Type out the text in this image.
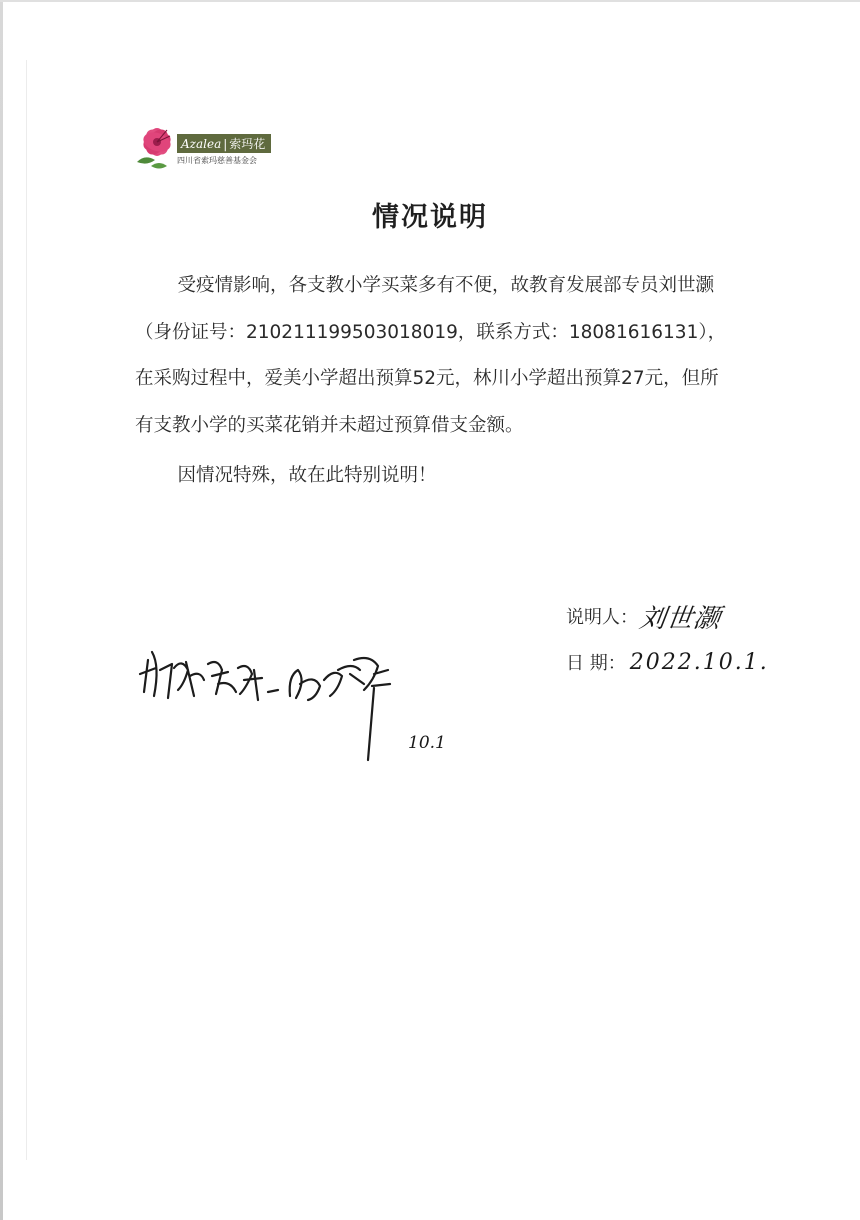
Azalea | 索玛花
四川省索玛慈善基金会
情况说明

受疫情影响，各支教小学买菜多有不便，故教育发展部专员刘世灏（身份证号：210211199503018019，联系方式：18081616131），在采购过程中，爱美小学超出预算52元，林川小学超出预算27元，但所有支教小学的买菜花销并未超过预算借支金额。

因情况特殊，故在此特别说明！

说明人： 刘世灏
日 期： 2022.10.1.
10.1
